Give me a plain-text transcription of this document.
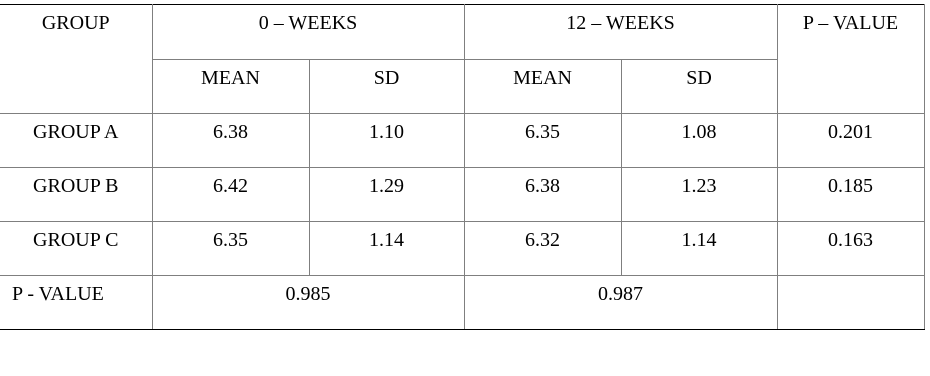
GROUP	0 – WEEKS		12 – WEEKS		P – VALUE
	MEAN	SD	MEAN	SD	
GROUP A	6.38	1.10	6.35	1.08	0.201
GROUP B	6.42	1.29	6.38	1.23	0.185
GROUP C	6.35	1.14	6.32	1.14	0.163
P - VALUE	0.985		0.987		
